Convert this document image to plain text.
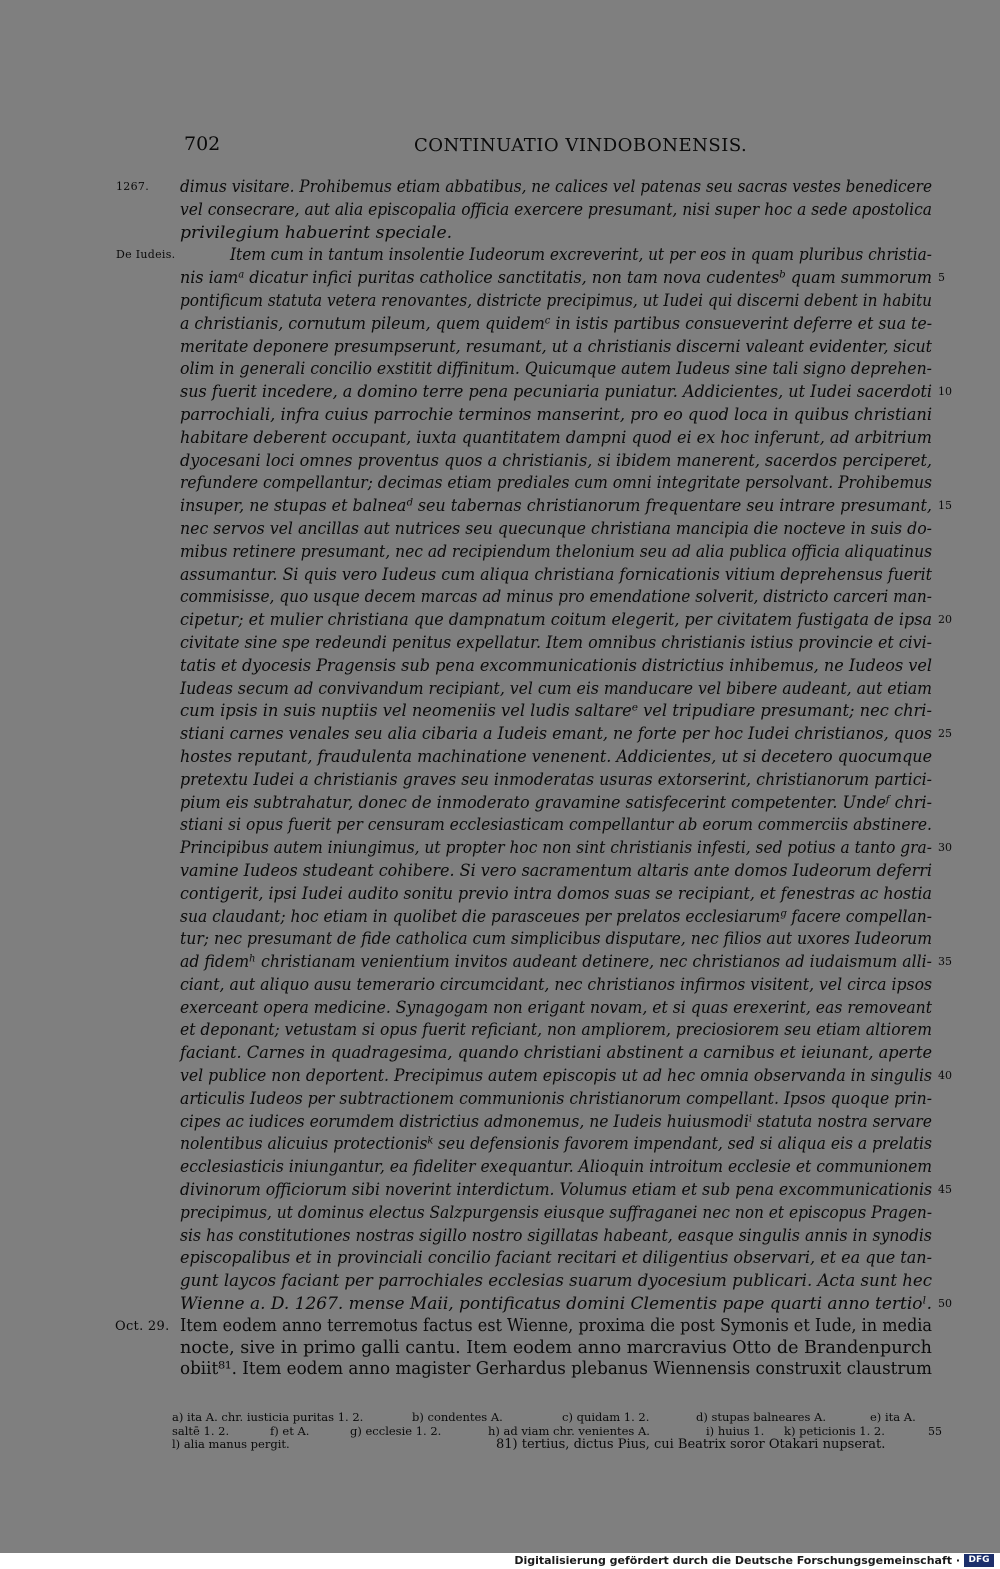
702	CONTINUATIO VINDOBONENSIS.
dimus visitare. Prohibemus etiam abbatibus, ne calices vel patenas seu sacras vestes benedicere
1267.
vel consecrare, aut alia episcopalia officia exercere presumant, nisi super hoc a sede apostolica
privilegium habuerint speciale.
Item cum in tantum insolentie Iudeorum excreverint, ut per eos in quam pluribus christia-
De Iudeis.
nis iamᵃ dicatur infici puritas catholice sanctitatis, non tam nova cudentesᵇ quam summorum 5
pontificum statuta vetera renovantes, districte precipimus, ut Iudei qui discerni debent in habitu
a christianis, cornutum pileum, quem quidemᶜ in istis partibus consueverint deferre et sua te-
meritate deponere presumpserunt, resumant, ut a christianis discerni valeant evidenter, sicut
olim in generali concilio exstitit diffinitum. Quicumque autem Iudeus sine tali signo deprehen-
sus fuerit incedere, a domino terre pena pecuniaria puniatur. Addicientes, ut Iudei sacerdoti 10
parrochiali, infra cuius parrochie terminos manserint, pro eo quod loca in quibus christiani
habitare deberent occupant, iuxta quantitatem dampni quod ei ex hoc inferunt, ad arbitrium
dyocesani loci omnes proventus quos a christianis, si ibidem manerent, sacerdos perciperet,
refundere compellantur; decimas etiam prediales cum omni integritate persolvant. Prohibemus
insuper, ne stupas et balneaᵈ seu tabernas christianorum frequentare seu intrare presumant, 15
nec servos vel ancillas aut nutrices seu quecunque christiana mancipia die nocteve in suis do-
mibus retinere presumant, nec ad recipiendum thelonium seu ad alia publica officia aliquatinus
assumantur. Si quis vero Iudeus cum aliqua christiana fornicationis vitium deprehensus fuerit
commisisse, quo usque decem marcas ad minus pro emendatione solverit, districto carceri man-
cipetur; et mulier christiana que dampnatum coitum elegerit, per civitatem fustigata de ipsa 20
civitate sine spe redeundi penitus expellatur. Item omnibus christianis istius provincie et civi-
tatis et dyocesis Pragensis sub pena excommunicationis districtius inhibemus, ne Iudeos vel
Iudeas secum ad convivandum recipiant, vel cum eis manducare vel bibere audeant, aut etiam
cum ipsis in suis nuptiis vel neomeniis vel ludis saltareᵉ vel tripudiare presumant; nec chri-
stiani carnes venales seu alia cibaria a Iudeis emant, ne forte per hoc Iudei christianos, quos 25
hostes reputant, fraudulenta machinatione venenent. Addicientes, ut si decetero quocumque
pretextu Iudei a christianis graves seu inmoderatas usuras extorserint, christianorum partici-
pium eis subtrahatur, donec de inmoderato gravamine satisfecerint competenter. Undeᶠ chri-
stiani si opus fuerit per censuram ecclesiasticam compellantur ab eorum commerciis abstinere.
Principibus autem iniungimus, ut propter hoc non sint christianis infesti, sed potius a tanto gra- 30
vamine Iudeos studeant cohibere. Si vero sacramentum altaris ante domos Iudeorum deferri
contigerit, ipsi Iudei audito sonitu previo intra domos suas se recipiant, et fenestras ac hostia
sua claudant; hoc etiam in quolibet die parasceues per prelatos ecclesiarumᵍ facere compellan-
tur; nec presumant de fide catholica cum simplicibus disputare, nec filios aut uxores Iudeorum
ad fidemʰ christianam venientium invitos audeant detinere, nec christianos ad iudaismum alli- 35
ciant, aut aliquo ausu temerario circumcidant, nec christianos infirmos visitent, vel circa ipsos
exerceant opera medicine. Synagogam non erigant novam, et si quas erexerint, eas removeant
et deponant; vetustam si opus fuerit reficiant, non ampliorem, preciosiorem seu etiam altiorem
faciant. Carnes in quadragesima, quando christiani abstinent a carnibus et ieiunant, aperte
vel publice non deportent. Precipimus autem episcopis ut ad hec omnia observanda in singulis 40
articulis Iudeos per subtractionem communionis christianorum compellant. Ipsos quoque prin-
cipes ac iudices eorumdem districtius admonemus, ne Iudeis huiusmodiⁱ statuta nostra servare
nolentibus alicuius protectionisᵏ seu defensionis favorem impendant, sed si aliqua eis a prelatis
ecclesiasticis iniungantur, ea fideliter exequantur. Alioquin introitum ecclesie et communionem
divinorum officiorum sibi noverint interdictum. Volumus etiam et sub pena excommunicationis 45
precipimus, ut dominus electus Salzpurgensis eiusque suffraganei nec non et episcopus Pragen-
sis has constitutiones nostras sigillo nostro sigillatas habeant, easque singulis annis in synodis
episcopalibus et in provinciali concilio faciant recitari et diligentius observari, et ea que tan-
gunt laycos faciant per parrochiales ecclesias suarum dyocesium publicari. Acta sunt hec
Wienne a. D. 1267. mense Maii, pontificatus domini Clementis pape quarti anno tertioˡ. 50
Item eodem anno terremotus factus est Wienne, proxima die post Symonis et Iude, in media
Oct. 29.
nocte, sive in primo galli cantu. Item eodem anno marcravius Otto de Brandenpurch
obiit⁸¹. Item eodem anno magister Gerhardus plebanus Wiennensis construxit claustrum
a) ita A. chr. iusticia puritas 1. 2.	b) condentes A.	c) quidam 1. 2.	d) stupas balneares A.	e) ita A.
saltē 1. 2.	f) et A.	g) ecclesie 1. 2.	h) ad viam chr. venientes A.	i) huius 1. k) peticionis 1. 2.	55
l) alia manus pergit.	81) tertius, dictus Pius, cui Beatrix soror Otakari nupserat.
Digitalisierung gefördert durch die Deutsche Forschungsgemeinschaft · DFG
